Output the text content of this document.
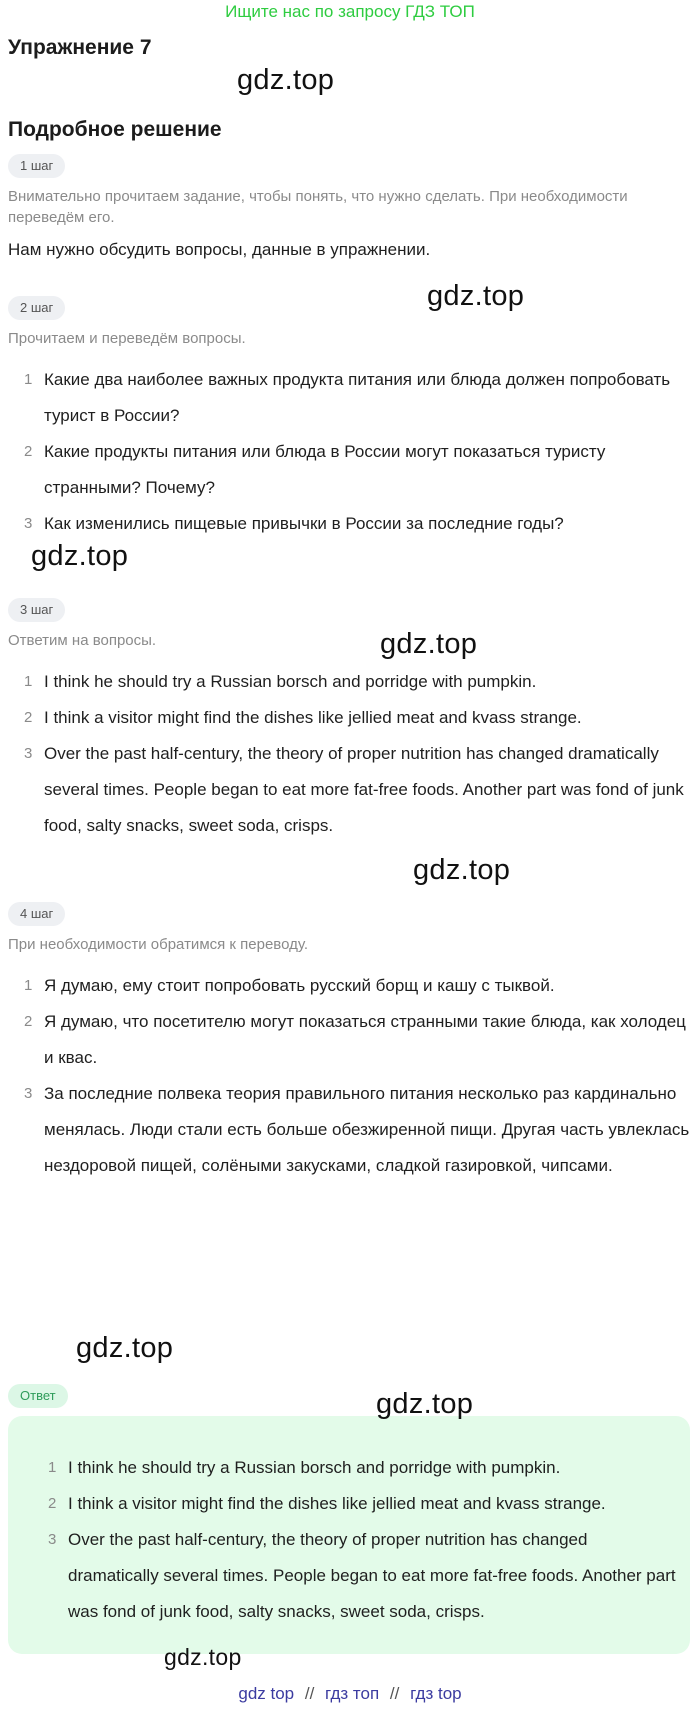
Ищите нас по запросу ГДЗ ТОП
Упражнение 7
gdz.top
Подробное решение
1 шаг
Внимательно прочитаем задание, чтобы понять, что нужно сделать. При необходимости переведём его.
Нам нужно обсудить вопросы, данные в упражнении.
2 шаг	gdz.top
Прочитаем и переведём вопросы.
1 Какие два наиболее важных продукта питания или блюда должен попробовать турист в России?
2 Какие продукты питания или блюда в России могут показаться туристу странными? Почему?
3 Как изменились пищевые привычки в России за последние годы?
gdz.top
3 шаг
Ответим на вопросы.	gdz.top
1 I think he should try a Russian borsch and porridge with pumpkin.
2 I think a visitor might find the dishes like jellied meat and kvass strange.
3 Over the past half-century, the theory of proper nutrition has changed dramatically several times. People began to eat more fat-free foods. Another part was fond of junk food, salty snacks, sweet soda, crisps.
gdz.top
4 шаг
При необходимости обратимся к переводу.
1 Я думаю, ему стоит попробовать русский борщ и кашу с тыквой.
2 Я думаю, что посетителю могут показаться странными такие блюда, как холодец и квас.
3 За последние полвека теория правильного питания несколько раз кардинально менялась. Люди стали есть больше обезжиренной пищи. Другая часть увлеклась нездоровой пищей, солёными закусками, сладкой газировкой, чипсами.
gdz.top
Ответ	gdz.top
1 I think he should try a Russian borsch and porridge with pumpkin.
2 I think a visitor might find the dishes like jellied meat and kvass strange.
3 Over the past half-century, the theory of proper nutrition has changed dramatically several times. People began to eat more fat-free foods. Another part was fond of junk food, salty snacks, sweet soda, crisps.
gdz.top
gdz top // гдз топ // гдз top
